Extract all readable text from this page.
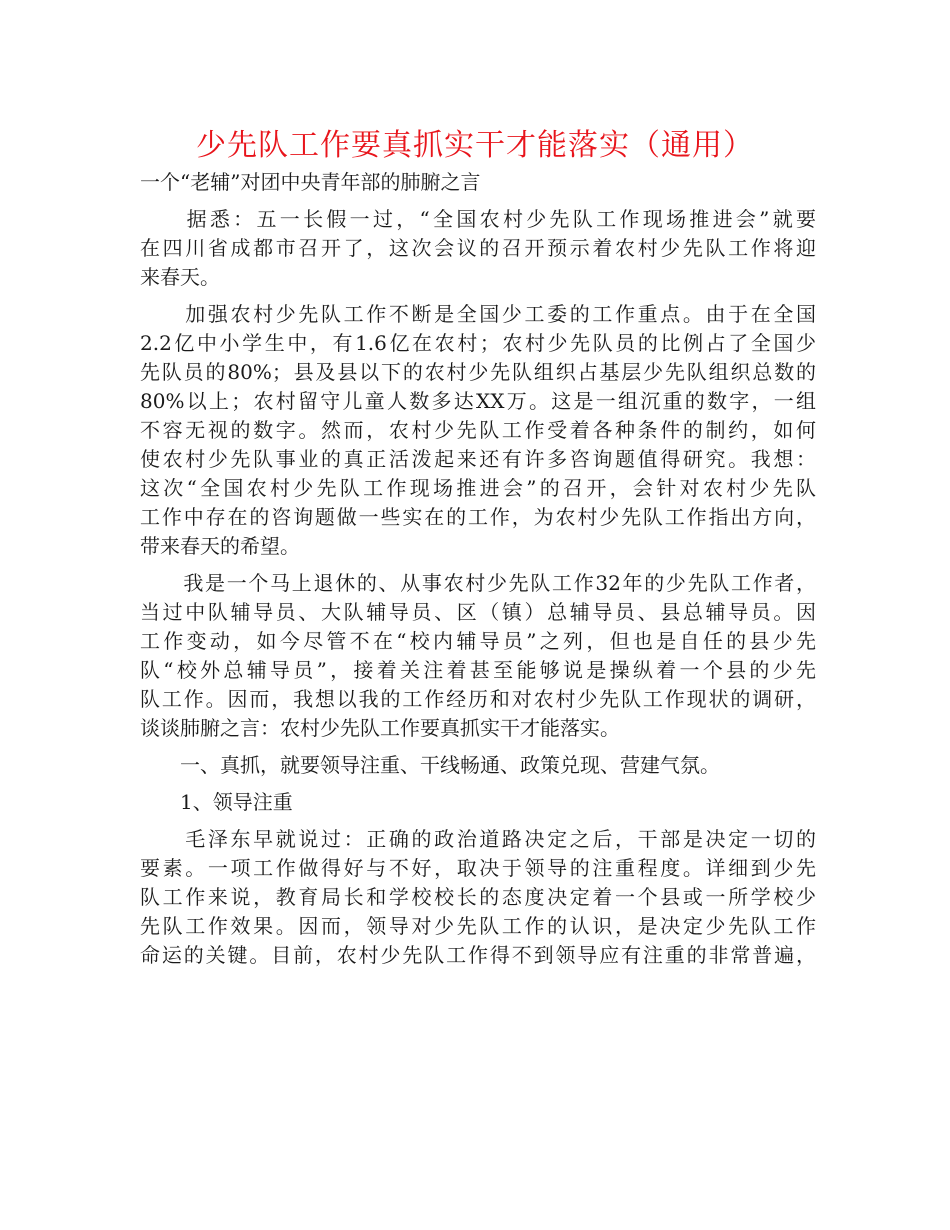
少先队工作要真抓实干才能落实（通用）
一个“老辅”对团中央青年部的肺腑之言
　　据悉：五一长假一过，“全国农村少先队工作现场推进会”就要
在四川省成都市召开了，这次会议的召开预示着农村少先队工作将迎
来春天。
　　加强农村少先队工作不断是全国少工委的工作重点。由于在全国
2.2亿中小学生中，有1.6亿在农村；农村少先队员的比例占了全国少
先队员的80%；县及县以下的农村少先队组织占基层少先队组织总数的
80%以上；农村留守儿童人数多达XX万。这是一组沉重的数字，一组
不容无视的数字。然而，农村少先队工作受着各种条件的制约，如何
使农村少先队事业的真正活泼起来还有许多咨询题值得研究。我想：
这次“全国农村少先队工作现场推进会”的召开，会针对农村少先队
工作中存在的咨询题做一些实在的工作，为农村少先队工作指出方向，
带来春天的希望。
　　我是一个马上退休的、从事农村少先队工作32年的少先队工作者，
当过中队辅导员、大队辅导员、区（镇）总辅导员、县总辅导员。因
工作变动，如今尽管不在“校内辅导员”之列，但也是自任的县少先
队“校外总辅导员”，接着关注着甚至能够说是操纵着一个县的少先
队工作。因而，我想以我的工作经历和对农村少先队工作现状的调研，
谈谈肺腑之言：农村少先队工作要真抓实干才能落实。
　　一、真抓，就要领导注重、干线畅通、政策兑现、营建气氛。
　　1、领导注重
　　毛泽东早就说过：正确的政治道路决定之后，干部是决定一切的
要素。一项工作做得好与不好，取决于领导的注重程度。详细到少先
队工作来说，教育局长和学校校长的态度决定着一个县或一所学校少
先队工作效果。因而，领导对少先队工作的认识，是决定少先队工作
命运的关键。目前，农村少先队工作得不到领导应有注重的非常普遍，
